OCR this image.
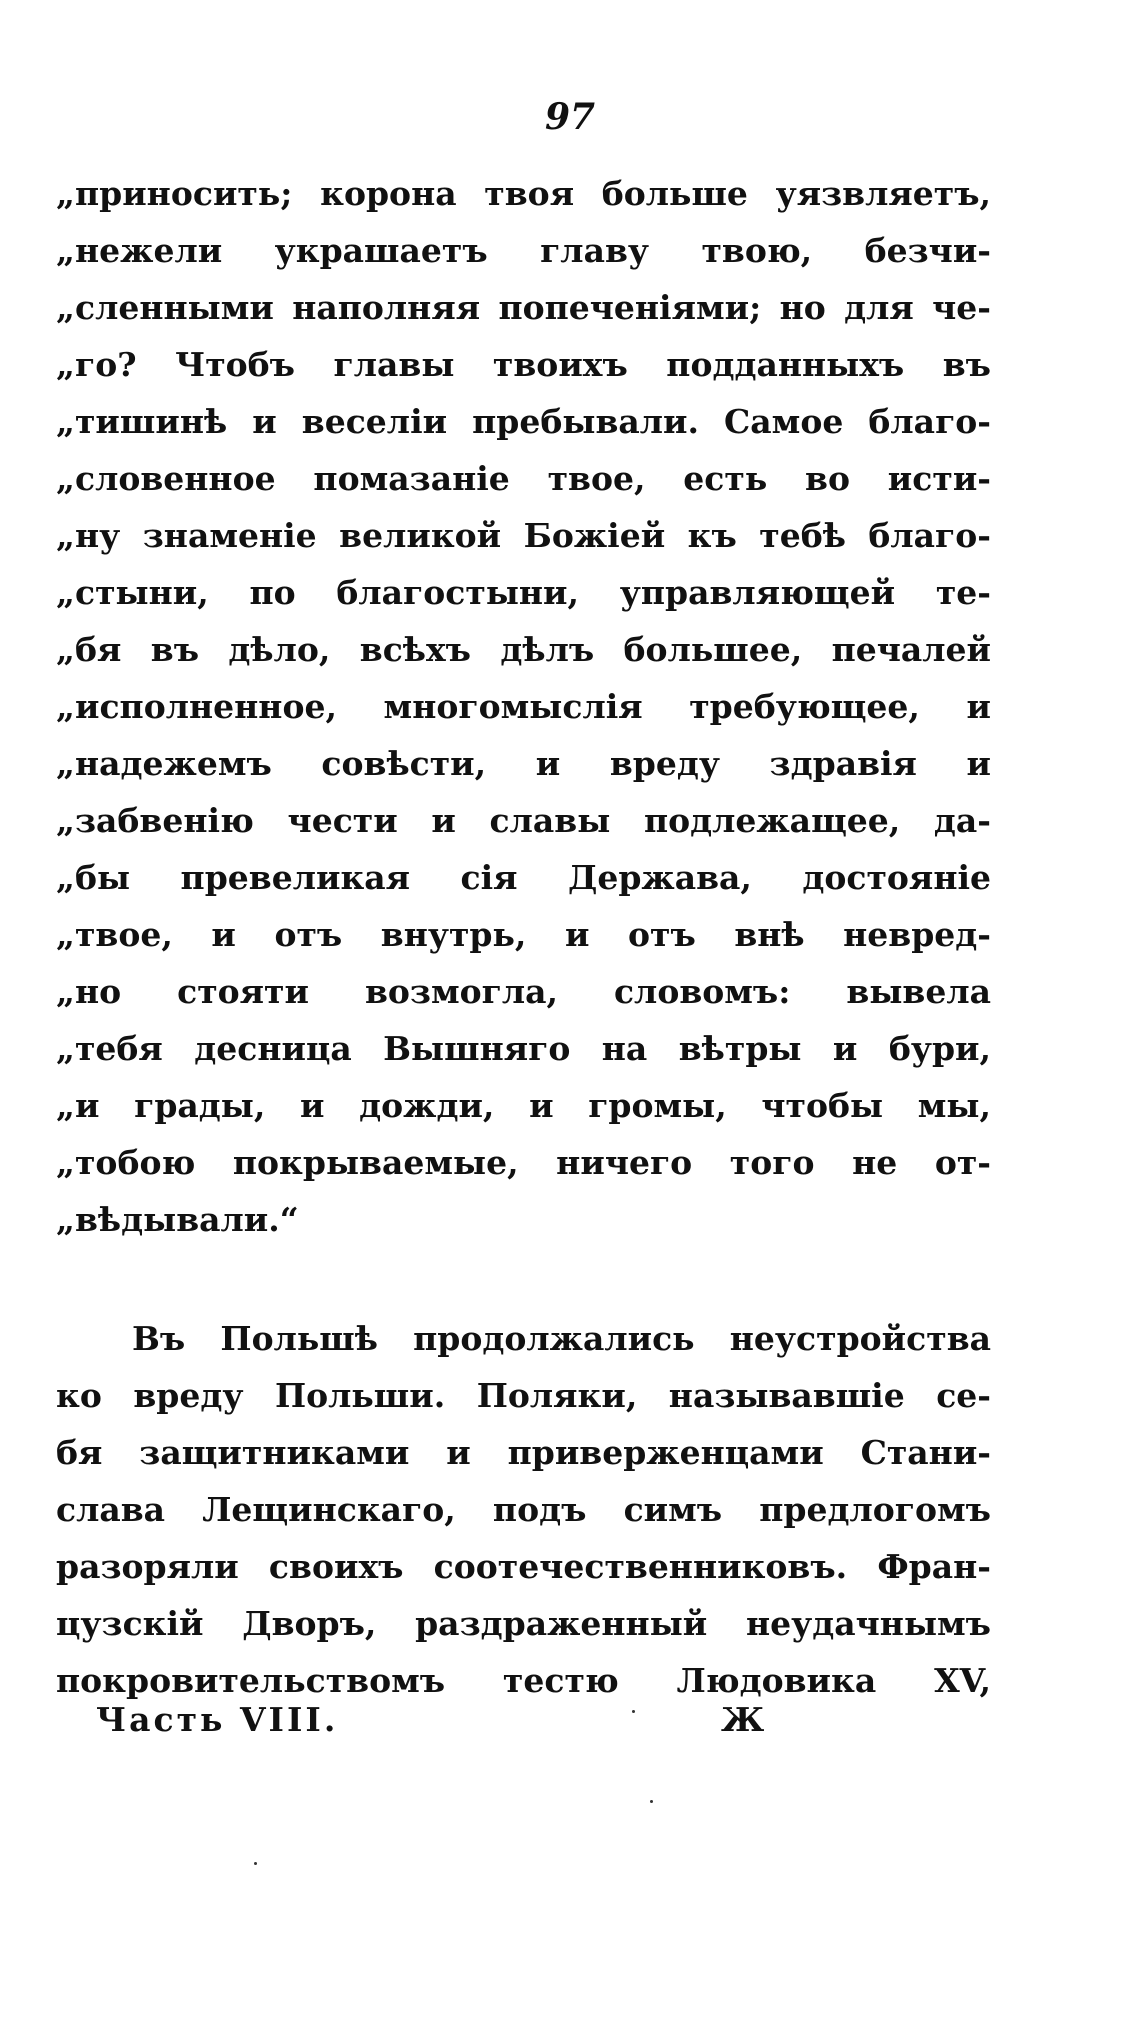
97
„приносить; корона твоя больше уязвляетъ,
„нежели украшаетъ главу твою, безчи-
„сленными наполняя попеченіями; но для че-
„го? Чтобъ главы твоихъ подданныхъ въ
„тишинѣ и веселіи пребывали. Самое благо-
„словенное помазаніе твое, есть во исти-
„ну знаменіе великой Божіей къ тебѣ благо-
„стыни, по благостыни, управляющей те-
„бя въ дѣло, всѣхъ дѣлъ большее, печалей
„исполненное, многомыслія требующее, и
„надежемъ совѣсти, и вреду здравія и
„забвенію чести и славы подлежащее, да-
„бы превеликая сія Держава, достояніе
„твое, и отъ внутрь, и отъ внѣ невред-
„но стояти возмогла, словомъ: вывела
„тебя десница Вышняго на вѣтры и бури,
„и грады, и дожди, и громы, чтобы мы,
„тобою покрываемые, ничего того не от-
„вѣдывали.“
Въ Польшѣ продолжались неустройства
ко вреду Польши. Поляки, называвшіе се-
бя защитниками и приверженцами Стани-
слава Лещинскаго, подъ симъ предлогомъ
разоряли своихъ соотечественниковъ. Фран-
цузскій Дворъ, раздраженный неудачнымъ
покровительствомъ тестю Людовика XV,
Часть VIII.	Ж
